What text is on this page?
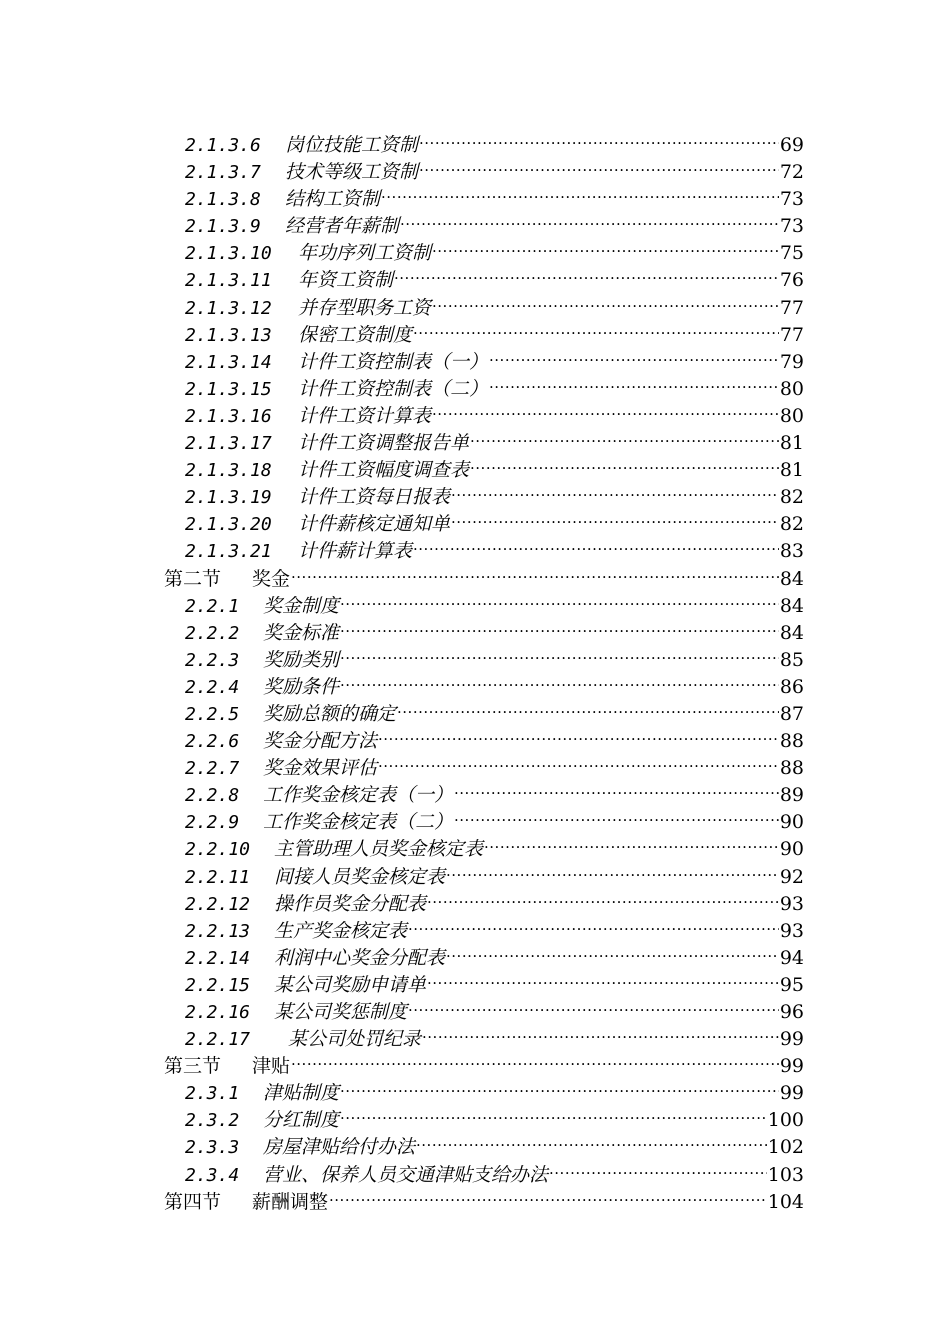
2.1.3.6	岗位技能工资制 .....	69
2.1.3.7	技术等级工资制 .....	72
2.1.3.8	结构工资制 .....	73
2.1.3.9	经营者年薪制 .....	73
2.1.3.10	年功序列工资制 .....	75
2.1.3.11	年资工资制 .....	76
2.1.3.12	并存型职务工资 .....	77
2.1.3.13	保密工资制度 .....	77
2.1.3.14	计件工资控制表（一） .....	79
2.1.3.15	计件工资控制表（二） .....	80
2.1.3.16	计件工资计算表 .....	80
2.1.3.17	计件工资调整报告单 .....	81
2.1.3.18	计件工资幅度调查表 .....	81
2.1.3.19	计件工资每日报表 .....	82
2.1.3.20	计件薪核定通知单 .....	82
2.1.3.21	计件薪计算表 .....	83
第二节	奖金 .....	84
2.2.1	奖金制度 .....	84
2.2.2	奖金标准 .....	84
2.2.3	奖励类别 .....	85
2.2.4	奖励条件 .....	86
2.2.5	奖励总额的确定 .....	87
2.2.6	奖金分配方法 .....	88
2.2.7	奖金效果评估 .....	88
2.2.8	工作奖金核定表（一） .....	89
2.2.9	工作奖金核定表（二） .....	90
2.2.10	主管助理人员奖金核定表 .....	90
2.2.11	间接人员奖金核定表 .....	92
2.2.12	操作员奖金分配表 .....	93
2.2.13	生产奖金核定表 .....	93
2.2.14	利润中心奖金分配表 .....	94
2.2.15	某公司奖励申请单 .....	95
2.2.16	某公司奖惩制度 .....	96
2.2.17	某公司处罚纪录 .....	99
第三节	津贴 .....	99
2.3.1	津贴制度 .....	99
2.3.2	分红制度 .....	100
2.3.3	房屋津贴给付办法 .....	102
2.3.4	营业、保养人员交通津贴支给办法 .....	103
第四节	薪酬调整 .....	104
